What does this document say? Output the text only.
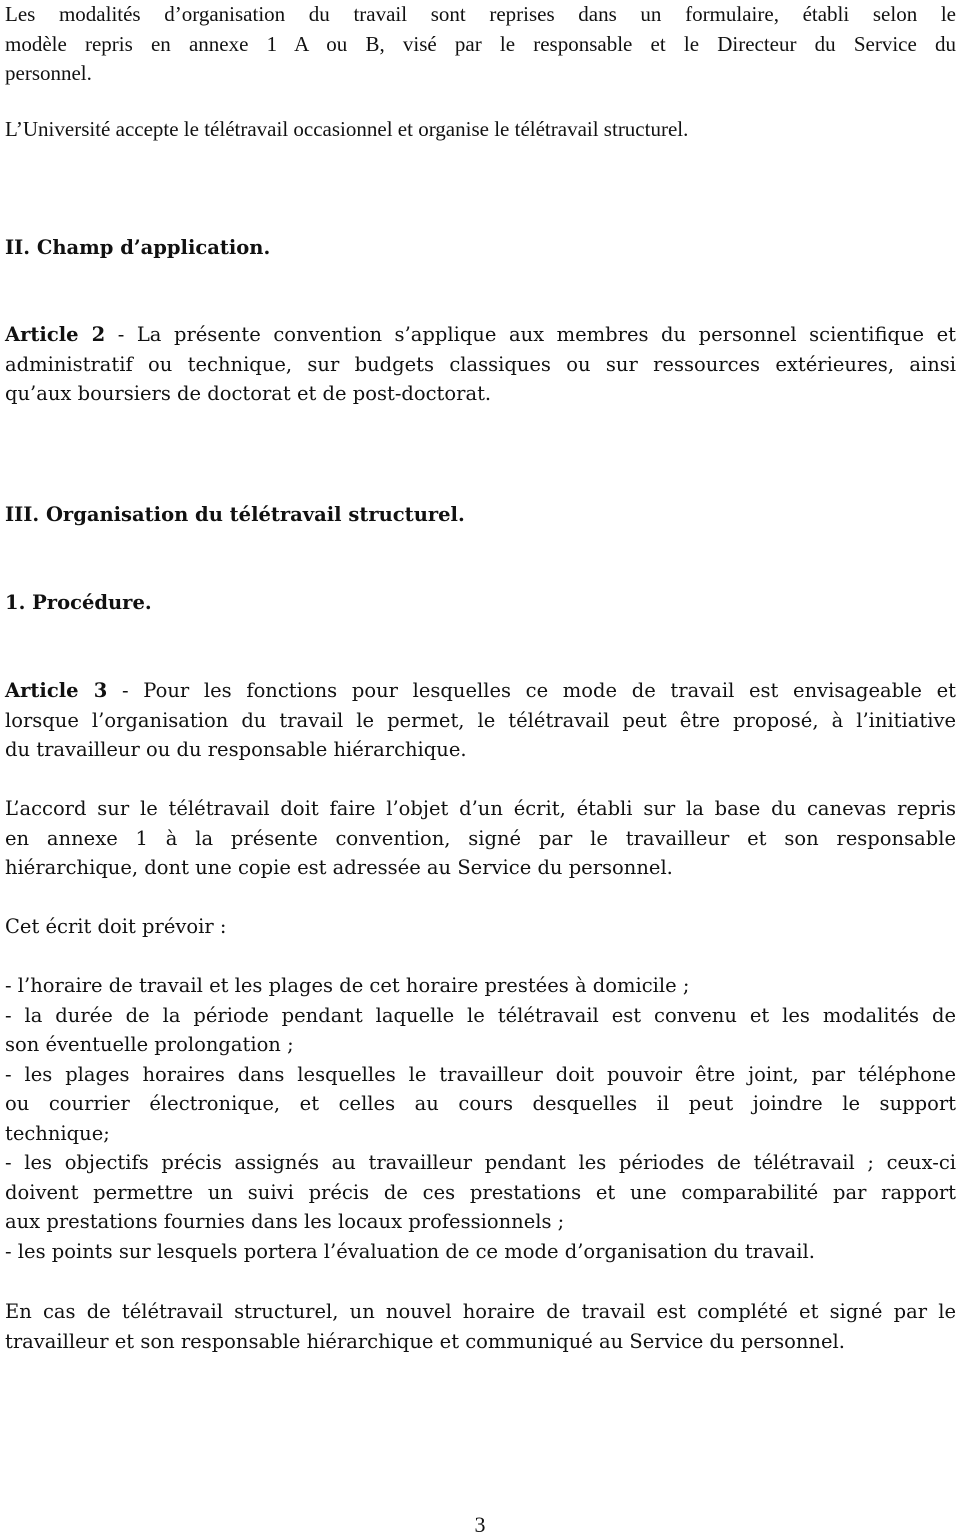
Les modalités d’organisation du travail sont reprises dans un formulaire, établi selon le
modèle repris en annexe 1 A ou B, visé par le responsable et le Directeur du Service du
personnel.
L’Université accepte le télétravail occasionnel et organise le télétravail structurel.
II. Champ d’application.
Article 2 - La présente convention s’applique aux membres du personnel scientifique et
administratif ou technique, sur budgets classiques ou sur ressources extérieures, ainsi
qu’aux boursiers de doctorat et de post-doctorat.
III. Organisation du télétravail structurel.
1. Procédure.
Article 3 - Pour les fonctions pour lesquelles ce mode de travail est envisageable et
lorsque l’organisation du travail le permet, le télétravail peut être proposé, à l’initiative
du travailleur ou du responsable hiérarchique.
L’accord sur le télétravail doit faire l’objet d’un écrit, établi sur la base du canevas repris
en annexe 1 à la présente convention, signé par le travailleur et son responsable
hiérarchique, dont une copie est adressée au Service du personnel.
Cet écrit doit prévoir :
- l’horaire de travail et les plages de cet horaire prestées à domicile ;
- la durée de la période pendant laquelle le télétravail est convenu et les modalités de
son éventuelle prolongation ;
- les plages horaires dans lesquelles le travailleur doit pouvoir être joint, par téléphone
ou courrier électronique, et celles au cours desquelles il peut joindre le support
technique;
- les objectifs précis assignés au travailleur pendant les périodes de télétravail ; ceux-ci
doivent permettre un suivi précis de ces prestations et une comparabilité par rapport
aux prestations fournies dans les locaux professionnels ;
- les points sur lesquels portera l’évaluation de ce mode d’organisation du travail.
En cas de télétravail structurel, un nouvel horaire de travail est complété et signé par le
travailleur et son responsable hiérarchique et communiqué au Service du personnel.
3
